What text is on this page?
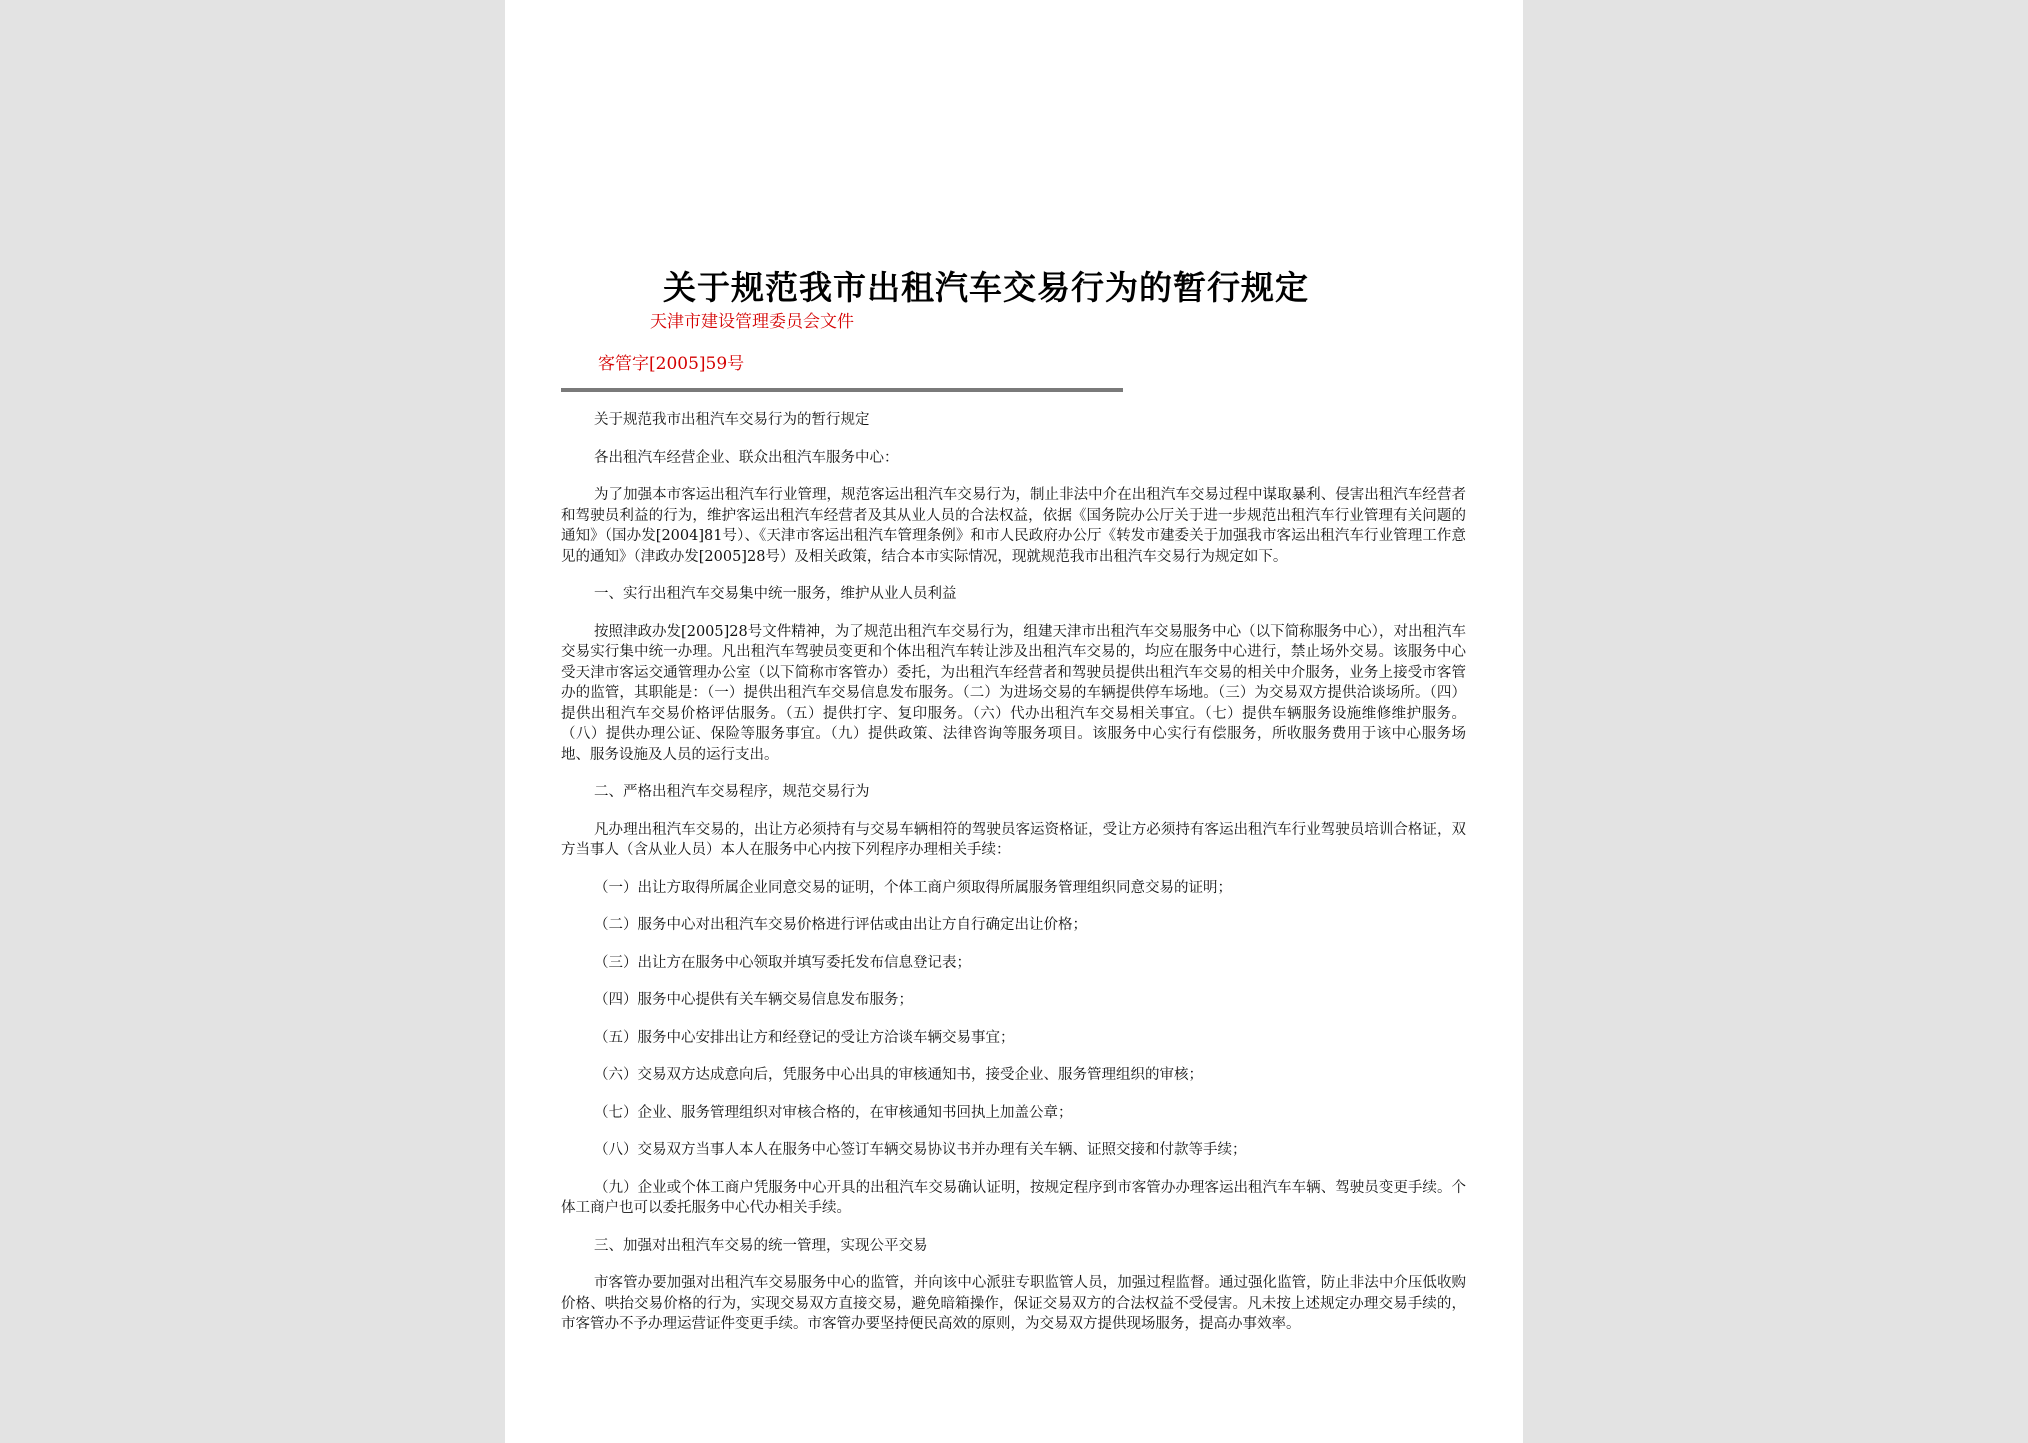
关于规范我市出租汽车交易行为的暂行规定
天津市建设管理委员会文件
客管字[2005]59号

关于规范我市出租汽车交易行为的暂行规定

各出租汽车经营企业、联众出租汽车服务中心：

为了加强本市客运出租汽车行业管理，规范客运出租汽车交易行为，制止非法中介在出租汽车交易过程中谋取暴利、侵害出租汽车经营者和驾驶员利益的行为，维护客运出租汽车经营者及其从业人员的合法权益，依据《国务院办公厅关于进一步规范出租汽车行业管理有关问题的通知》（国办发[2004]81号）、《天津市客运出租汽车管理条例》和市人民政府办公厅《转发市建委关于加强我市客运出租汽车行业管理工作意见的通知》（津政办发[2005]28号）及相关政策，结合本市实际情况，现就规范我市出租汽车交易行为规定如下。

一、实行出租汽车交易集中统一服务，维护从业人员利益

按照津政办发[2005]28号文件精神，为了规范出租汽车交易行为，组建天津市出租汽车交易服务中心（以下简称服务中心），对出租汽车交易实行集中统一办理。凡出租汽车驾驶员变更和个体出租汽车转让涉及出租汽车交易的，均应在服务中心进行，禁止场外交易。该服务中心受天津市客运交通管理办公室（以下简称市客管办）委托，为出租汽车经营者和驾驶员提供出租汽车交易的相关中介服务，业务上接受市客管办的监管，其职能是：（一）提供出租汽车交易信息发布服务。（二）为进场交易的车辆提供停车场地。（三）为交易双方提供洽谈场所。（四）提供出租汽车交易价格评估服务。（五）提供打字、复印服务。（六）代办出租汽车交易相关事宜。（七）提供车辆服务设施维修维护服务。（八）提供办理公证、保险等服务事宜。（九）提供政策、法律咨询等服务项目。该服务中心实行有偿服务，所收服务费用于该中心服务场地、服务设施及人员的运行支出。

二、严格出租汽车交易程序，规范交易行为

凡办理出租汽车交易的，出让方必须持有与交易车辆相符的驾驶员客运资格证，受让方必须持有客运出租汽车行业驾驶员培训合格证，双方当事人（含从业人员）本人在服务中心内按下列程序办理相关手续：

（一）出让方取得所属企业同意交易的证明，个体工商户须取得所属服务管理组织同意交易的证明；

（二）服务中心对出租汽车交易价格进行评估或由出让方自行确定出让价格；

（三）出让方在服务中心领取并填写委托发布信息登记表；

（四）服务中心提供有关车辆交易信息发布服务；

（五）服务中心安排出让方和经登记的受让方洽谈车辆交易事宜；

（六）交易双方达成意向后，凭服务中心出具的审核通知书，接受企业、服务管理组织的审核；

（七）企业、服务管理组织对审核合格的，在审核通知书回执上加盖公章；

（八）交易双方当事人本人在服务中心签订车辆交易协议书并办理有关车辆、证照交接和付款等手续；

（九）企业或个体工商户凭服务中心开具的出租汽车交易确认证明，按规定程序到市客管办办理客运出租汽车车辆、驾驶员变更手续。个体工商户也可以委托服务中心代办相关手续。

三、加强对出租汽车交易的统一管理，实现公平交易

市客管办要加强对出租汽车交易服务中心的监管，并向该中心派驻专职监管人员，加强过程监督。通过强化监管，防止非法中介压低收购价格、哄抬交易价格的行为，实现交易双方直接交易，避免暗箱操作，保证交易双方的合法权益不受侵害。凡未按上述规定办理交易手续的，市客管办不予办理运营证件变更手续。市客管办要坚持便民高效的原则，为交易双方提供现场服务，提高办事效率。
